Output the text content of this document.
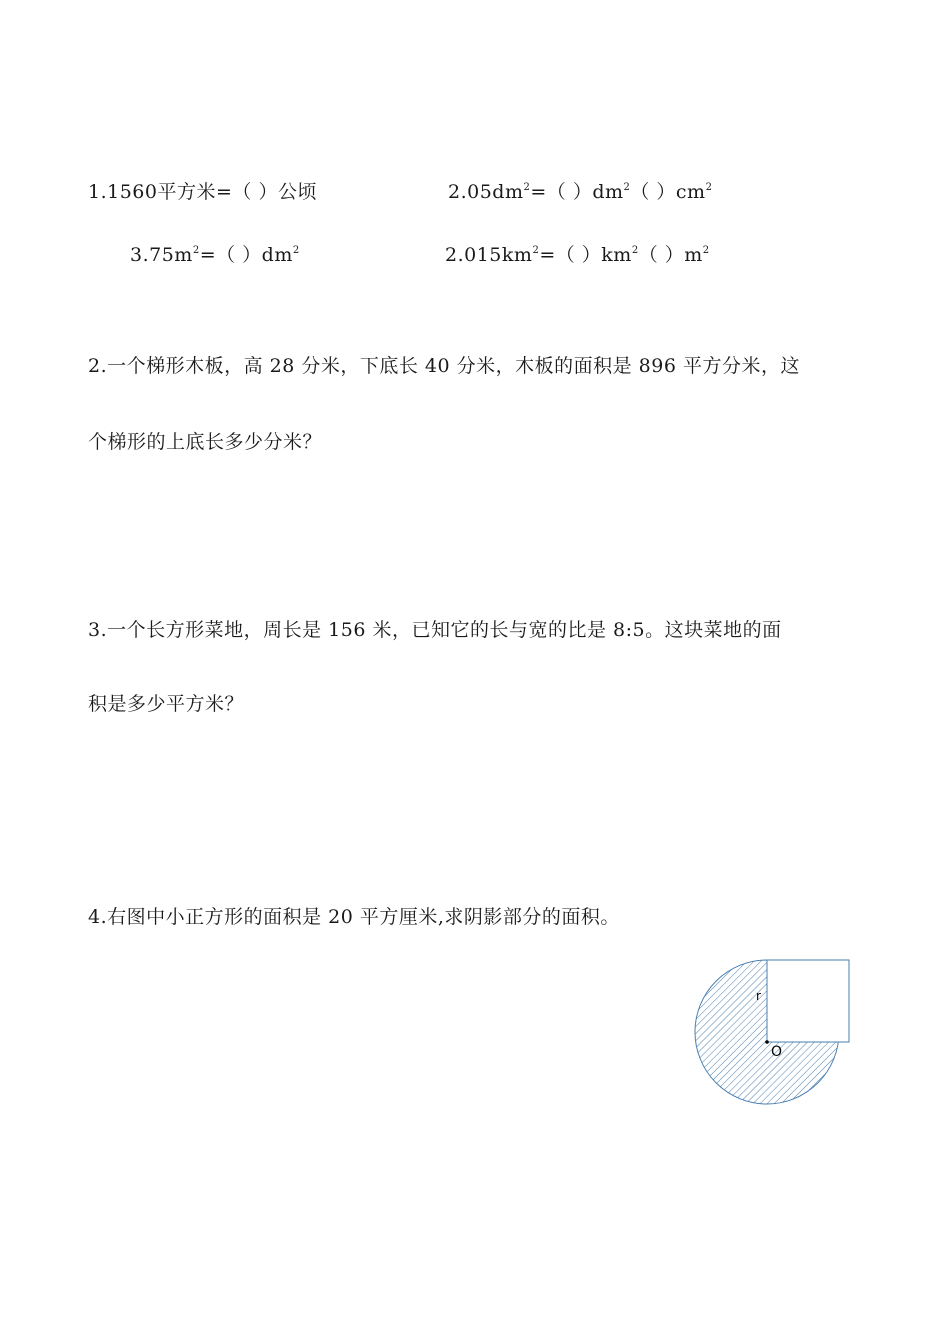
1.1560平方米=（ ）公顷	$2.05dm^2=$（ ）$dm^2$（ ）$cm^2$
$3.75m^2=$（ ）$dm^2$	$2.015km^2=$（ ）$km^2$（ ）$m^2$
2.一个梯形木板，高 28 分米，下底长 40 分米，木板的面积是 896 平方分米，这
个梯形的上底长多少分米？
3.一个长方形菜地，周长是 156 米，已知它的长与宽的比是 8:5。这块菜地的面
积是多少平方米？
4.右图中小正方形的面积是 20 平方厘米,求阴影部分的面积。
r
O
